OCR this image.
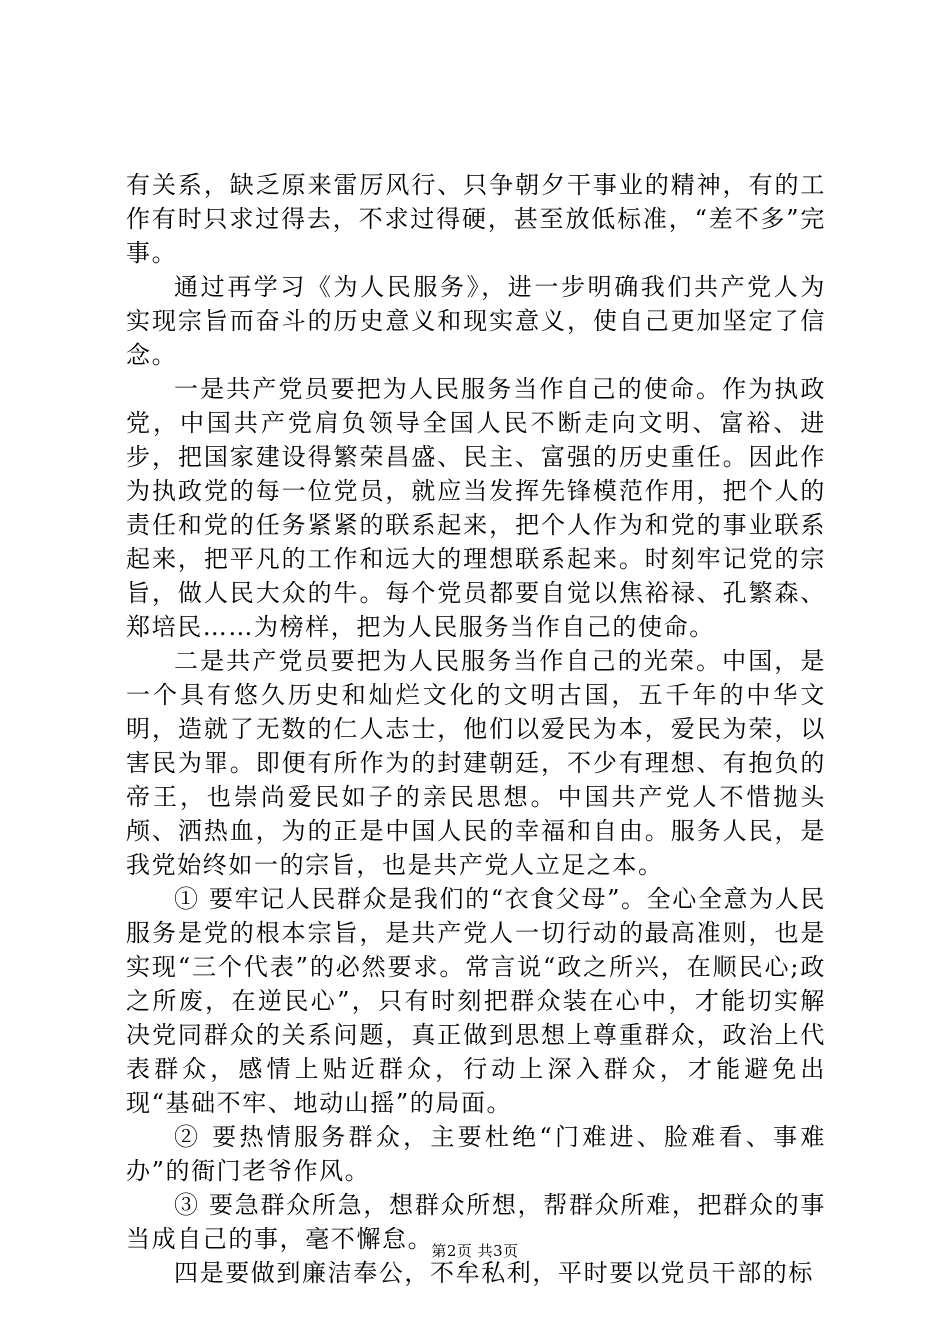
有关系，缺乏原来雷厉风行、只争朝夕干事业的精神，有的工作有时只求过得去，不求过得硬，甚至放低标准，“差不多”完事。

通过再学习《为人民服务》，进一步明确我们共产党人为实现宗旨而奋斗的历史意义和现实意义，使自己更加坚定了信念。

一是共产党员要把为人民服务当作自己的使命。作为执政党，中国共产党肩负领导全国人民不断走向文明、富裕、进步，把国家建设得繁荣昌盛、民主、富强的历史重任。因此作为执政党的每一位党员，就应当发挥先锋模范作用，把个人的责任和党的任务紧紧的联系起来，把个人作为和党的事业联系起来，把平凡的工作和远大的理想联系起来。时刻牢记党的宗旨，做人民大众的牛。每个党员都要自觉以焦裕禄、孔繁森、郑培民……为榜样，把为人民服务当作自己的使命。

二是共产党员要把为人民服务当作自己的光荣。中国，是一个具有悠久历史和灿烂文化的文明古国，五千年的中华文明，造就了无数的仁人志士，他们以爱民为本，爱民为荣，以害民为罪。即便有所作为的封建朝廷，不少有理想、有抱负的帝王，也崇尚爱民如子的亲民思想。中国共产党人不惜抛头颅、洒热血，为的正是中国人民的幸福和自由。服务人民，是我党始终如一的宗旨，也是共产党人立足之本。

① 要牢记人民群众是我们的“衣食父母”。全心全意为人民服务是党的根本宗旨，是共产党人一切行动的最高准则，也是实现“三个代表”的必然要求。常言说“政之所兴，在顺民心;政之所废，在逆民心”，只有时刻把群众装在心中，才能切实解决党同群众的关系问题，真正做到思想上尊重群众，政治上代表群众，感情上贴近群众，行动上深入群众，才能避免出现“基础不牢、地动山摇”的局面。

② 要热情服务群众，主要杜绝“门难进、脸难看、事难办”的衙门老爷作风。

③ 要急群众所急，想群众所想，帮群众所难，把群众的事当成自己的事，毫不懈怠。

四是要做到廉洁奉公，不牟私利，平时要以党员干部的标

第2页 共3页
